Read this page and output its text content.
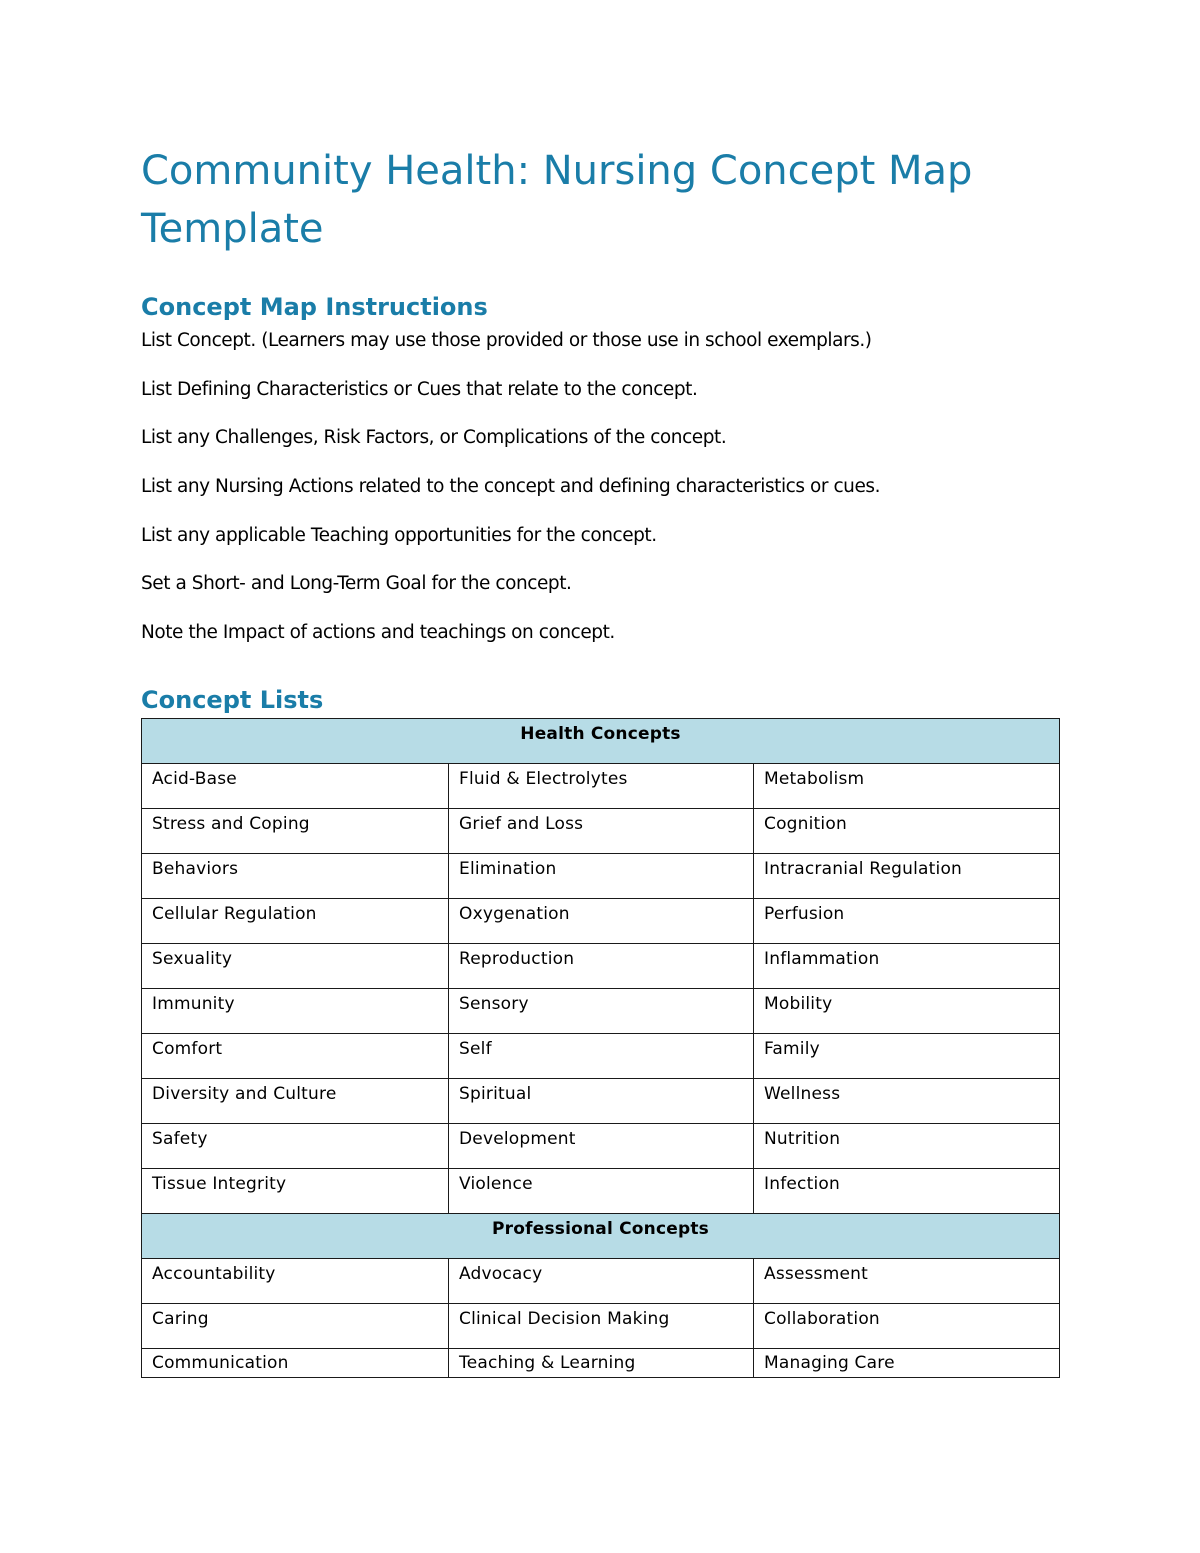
Community Health: Nursing Concept Map Template
Concept Map Instructions
List Concept. (Learners may use those provided or those use in school exemplars.)
List Defining Characteristics or Cues that relate to the concept.
List any Challenges, Risk Factors, or Complications of the concept.
List any Nursing Actions related to the concept and defining characteristics or cues.
List any applicable Teaching opportunities for the concept.
Set a Short- and Long-Term Goal for the concept.
Note the Impact of actions and teachings on concept.
Concept Lists
Health Concepts		
Acid-Base	Fluid & Electrolytes	Metabolism
Stress and Coping	Grief and Loss	Cognition
Behaviors	Elimination	Intracranial Regulation
Cellular Regulation	Oxygenation	Perfusion
Sexuality	Reproduction	Inflammation
Immunity	Sensory	Mobility
Comfort	Self	Family
Diversity and Culture	Spiritual	Wellness
Safety	Development	Nutrition
Tissue Integrity	Violence	Infection
Professional Concepts		
Accountability	Advocacy	Assessment
Caring	Clinical Decision Making	Collaboration
Communication	Teaching & Learning	Managing Care
